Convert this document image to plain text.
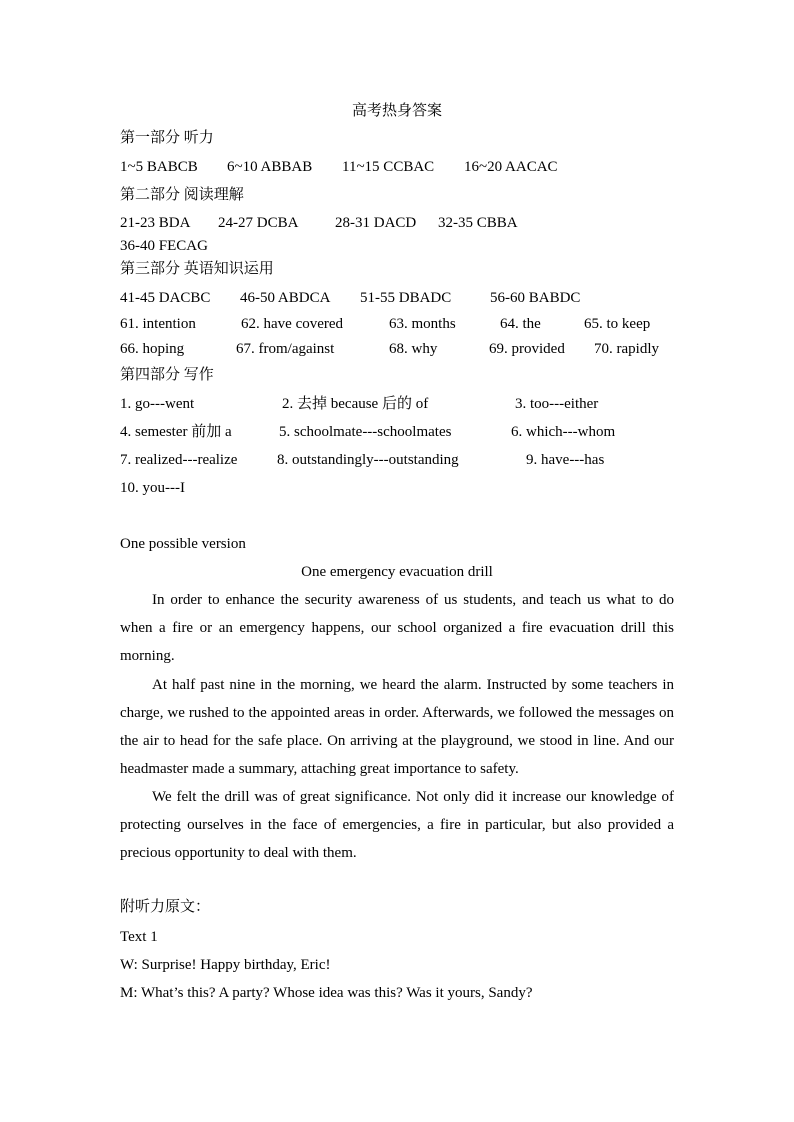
高考热身答案
第一部分 听力
1~5 BABCB 6~10 ABBAB 11~15 CCBAC 16~20 AACAC
第二部分 阅读理解
21-23 BDA 24-27 DCBA 28-31 DACD 32-35 CBBA
36-40 FECAG
第三部分 英语知识运用
41-45 DACBC 46-50 ABDCA 51-55 DBADC	56-60 BABDC
61. intention	62. have covered	63. months	64. the	65. to keep
66. hoping	67. from/against	68. why	69. provided 70. rapidly
第四部分 写作
1. go---went	2. 去掉 because 后的 of	3. too---either
4. semester 前加 a	5. schoolmate---schoolmates	6. which---whom
7. realized---realize	8. outstandingly---outstanding	9. have---has
10. you---I
One possible version
One emergency evacuation drill

In order to enhance the security awareness of us students, and teach us what to do when a fire or an emergency happens, our school organized a fire evacuation drill this morning.

At half past nine in the morning, we heard the alarm. Instructed by some teachers in charge, we rushed to the appointed areas in order. Afterwards, we followed the messages on the air to head for the safe place. On arriving at the playground, we stood in line. And our headmaster made a summary, attaching great importance to safety.

We felt the drill was of great significance. Not only did it increase our knowledge of protecting ourselves in the face of emergencies, a fire in particular, but also provided a precious opportunity to deal with them.

附听力原文：
Text 1
W: Surprise! Happy birthday, Eric!
M: What’s this? A party? Whose idea was this? Was it yours, Sandy?
